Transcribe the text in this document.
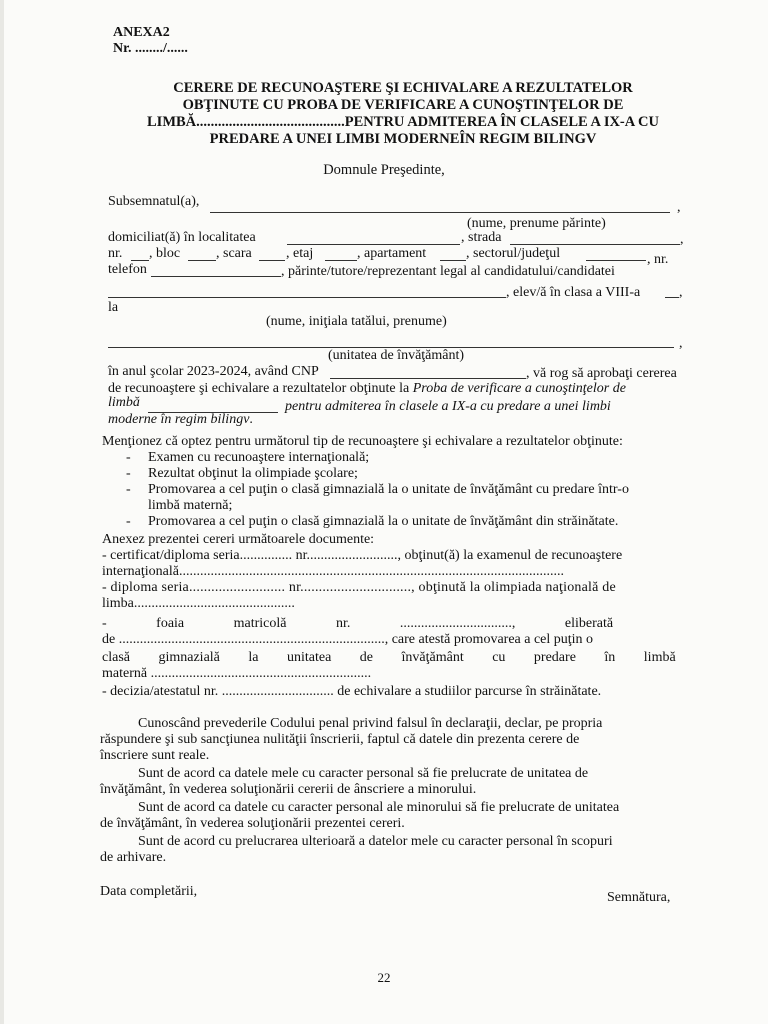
ANEXA2
Nr. ......../......
CERERE DE RECUNOAŞTERE ŞI ECHIVALARE A REZULTATELOR
OBŢINUTE CU PROBA DE VERIFICARE A CUNOŞTINŢELOR DE
LIMBĂ.........................................PENTRU ADMITEREA ÎN CLASELE A IX-A CU
PREDARE A UNEI LIMBI MODERNEÎN REGIM BILINGV
Domnule Preşedinte,
Subsemnatul(a),	,
(nume, prenume părinte)
domiciliat(ă) în localitatea	, strada	,
nr. , bloc	, scara , etaj	, apartament	, sectorul/judeţul	, nr.
telefon	, părinte/tutore/reprezentant legal al candidatului/candidatei
, elev/ă în clasa a VIII-a	,
la
(nume, iniţiala tatălui, prenume)
,
(unitatea de învăţământ)
în anul şcolar 2023-2024, având CNP	, vă rog să aprobaţi cererea
de recunoaştere şi echivalare a rezultatelor obţinute la Proba de verificare a cunoştinţelor de
limbă	pentru admiterea în clasele a IX-a cu predare a unei limbi
moderne în regim bilingv.
Menţionez că optez pentru următorul tip de recunoaştere şi echivalare a rezultatelor obţinute:
- Examen cu recunoaştere internaţională;
- Rezultat obţinut la olimpiade şcolare;
- Promovarea a cel puţin o clasă gimnazială la o unitate de învăţământ cu predare într-o
limbă maternă;
- Promovarea a cel puţin o clasă gimnazială la o unitate de învăţământ din străinătate.
Anexez prezentei cereri următoarele documente:
- certificat/diploma seria............... nr.........................., obţinut(ă) la examenul de recunoaştere
internaţională..............................................................................................................
- diploma seria.......................... nr.............................., obţinută la olimpiada naţională de
limba..............................................
- foaia matricolă nr. ................................, eliberată
de ............................................................................, care atestă promovarea a cel puţin o
clasă gimnazială la unitatea de învăţământ cu predare în limbă
maternă ...............................................................
- decizia/atestatul nr. ................................ de echivalare a studiilor parcurse în străinătate.
Cunoscând prevederile Codului penal privind falsul în declaraţii, declar, pe propria
răspundere şi sub sancţiunea nulităţii înscrierii, faptul că datele din prezenta cerere de
înscriere sunt reale.
Sunt de acord ca datele mele cu caracter personal să fie prelucrate de unitatea de
învăţământ, în vederea soluţionării cererii de ânscriere a minorului.
Sunt de acord ca datele cu caracter personal ale minorului să fie prelucrate de unitatea
de învăţământ, în vederea soluţionării prezentei cereri.
Sunt de acord cu prelucrarea ulterioară a datelor mele cu caracter personal în scopuri
de arhivare.
Data completării,	Semnătura,
22
